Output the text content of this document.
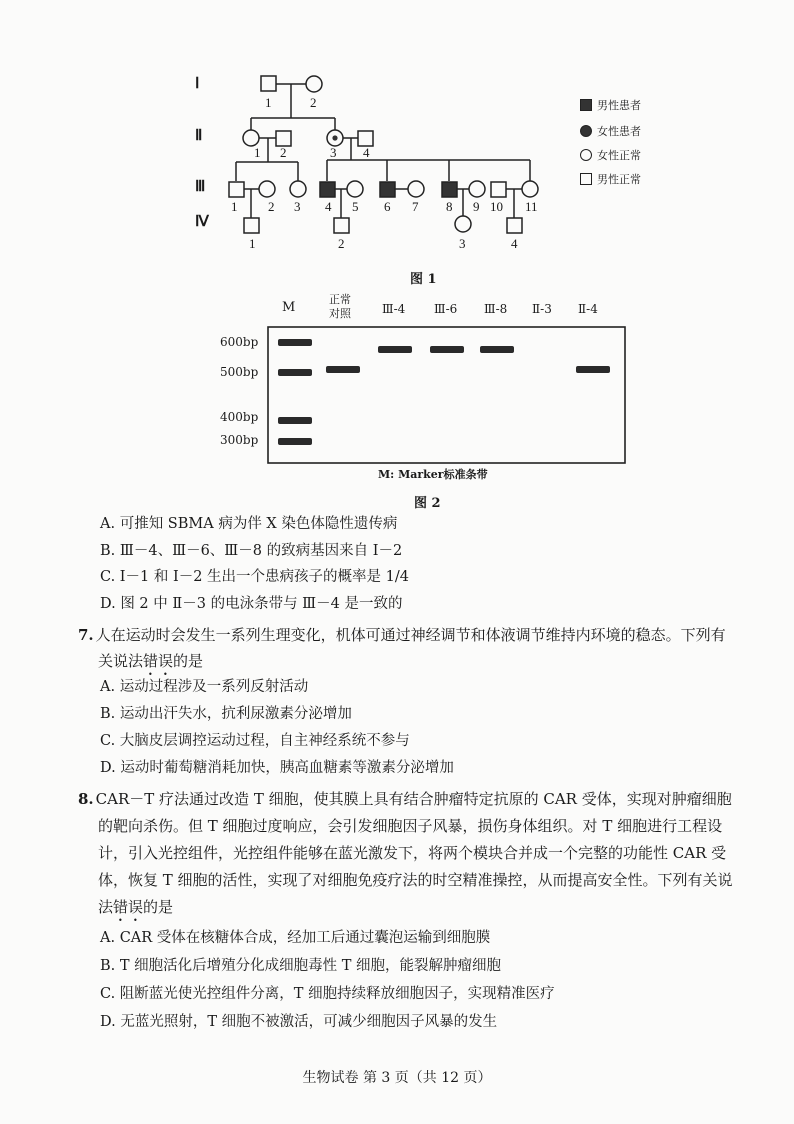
Ⅰ
Ⅱ
Ⅲ
Ⅳ
1	2
1 2	3 4
1 2 3 4 5 6 7 8 9 10 11
1	2	3	4
男性患者
女性患者
女性正常
男性正常
图 1
M
正常
对照	Ⅲ-4 Ⅲ-6 Ⅲ-8 Ⅱ-3 Ⅱ-4
600bp
500bp
400bp
300bp
M: Marker标准条带
图 2
A. 可推知 SBMA 病为伴 X 染色体隐性遗传病
B. Ⅲ－4、Ⅲ－6、Ⅲ－8 的致病基因来自 Ⅰ－2
C. Ⅰ－1 和 Ⅰ－2 生出一个患病孩子的概率是 1/4
D. 图 2 中 Ⅱ－3 的电泳条带与 Ⅲ－4 是一致的
7. 人在运动时会发生一系列生理变化，机体可通过神经调节和体液调节维持内环境的稳态。下列有关说法错误的是
A. 运动过程涉及一系列反射活动
B. 运动出汗失水，抗利尿激素分泌增加
C. 大脑皮层调控运动过程，自主神经系统不参与
D. 运动时葡萄糖消耗加快，胰高血糖素等激素分泌增加
8. CAR－T 疗法通过改造 T 细胞，使其膜上具有结合肿瘤特定抗原的 CAR 受体，实现对肿瘤细胞的靶向杀伤。但 T 细胞过度响应，会引发细胞因子风暴，损伤身体组织。对 T 细胞进行工程设计，引入光控组件，光控组件能够在蓝光激发下，将两个模块合并成一个完整的功能性 CAR 受体，恢复 T 细胞的活性，实现了对细胞免疫疗法的时空精准操控，从而提高安全性。下列有关说法错误的是
A. CAR 受体在核糖体合成，经加工后通过囊泡运输到细胞膜
B. T 细胞活化后增殖分化成细胞毒性 T 细胞，能裂解肿瘤细胞
C. 阻断蓝光使光控组件分离，T 细胞持续释放细胞因子，实现精准医疗
D. 无蓝光照射，T 细胞不被激活，可减少细胞因子风暴的发生
生物试卷 第 3 页（共 12 页）
